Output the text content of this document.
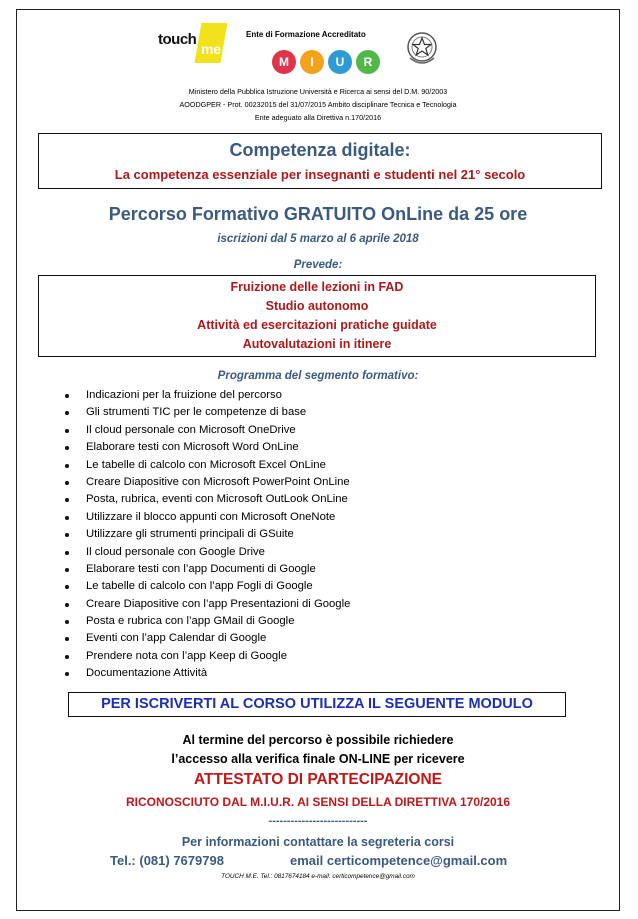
me
touch	Ente di Formazione Accreditato
M	I	U	R
Ministero della Pubblica Istruzione Università e Ricerca ai sensi del D.M. 90/2003
AOODGPER - Prot. 00232015 del 31/07/2015 Ambito disciplinare Tecnica e Tecnologia
Ente adeguato alla Direttiva n.170/2016
Competenza digitale:
La competenza essenziale per insegnanti e studenti nel 21° secolo
Percorso Formativo GRATUITO OnLine da 25 ore
iscrizioni dal 5 marzo al 6 aprile 2018
Prevede:
Fruizione delle lezioni in FAD
Studio autonomo
Attività ed esercitazioni pratiche guidate
Autovalutazioni in itinere
Programma del segmento formativo:
Indicazioni per la fruizione del percorso
Gli strumenti TIC per le competenze di base
Il cloud personale con Microsoft OneDrive
Elaborare testi con Microsoft Word OnLine
Le tabelle di calcolo con Microsoft Excel OnLine
Creare Diapositive con Microsoft PowerPoint OnLine
Posta, rubrica, eventi con Microsoft OutLook OnLine
Utilizzare il blocco appunti con Microsoft OneNote
Utilizzare gli strumenti principali di GSuite
Il cloud personale con Google Drive
Elaborare testi con l’app Documenti di Google
Le tabelle di calcolo con l’app Fogli di Google
Creare Diapositive con l’app Presentazioni di Google
Posta e rubrica con l’app GMail di Google
Eventi con l’app Calendar di Google
Prendere nota con l’app Keep di Google
Documentazione Attività
PER ISCRIVERTI AL CORSO UTILIZZA IL SEGUENTE MODULO
Al termine del percorso è possibile richiedere
l’accesso alla verifica finale ON-LINE per ricevere
ATTESTATO DI PARTECIPAZIONE
RICONOSCIUTO DAL M.I.U.R. AI SENSI DELLA DIRETTIVA 170/2016
---------------------------
Per informazioni contattare la segreteria corsi
Tel.: (081) 7679798	email certicompetence@gmail.com
TOUCH M.E. Tel.: 0817674184 e-mail: certicompetence@gmail.com
